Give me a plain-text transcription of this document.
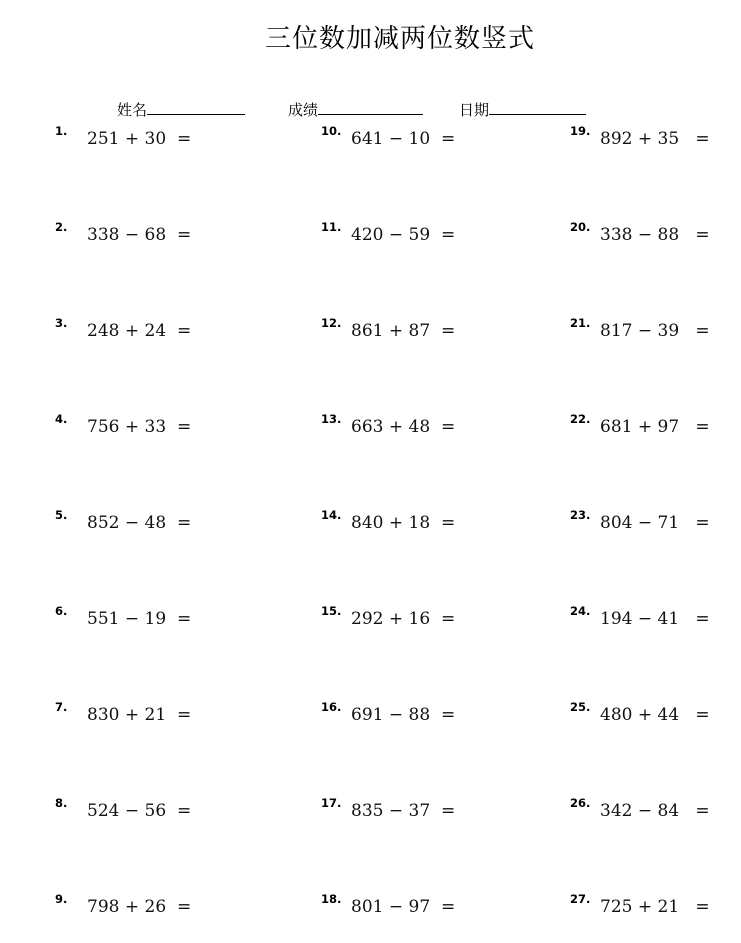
三位数加减两位数竖式
姓名	成绩	日期
1. 251 + 30  =
2. 338 − 68  =
3. 248 + 24  =
4. 756 + 33  =
5. 852 − 48  =
6. 551 − 19  =
7. 830 + 21  =
8. 524 − 56  =
9. 798 + 26  =
10. 641 − 10  =
11. 420 − 59  =
12. 861 + 87  =
13. 663 + 48  =
14. 840 + 18  =
15. 292 + 16  =
16. 691 − 88  =
17. 835 − 37  =
18. 801 − 97  =
19. 892 + 35   =
20. 338 − 88   =
21. 817 − 39   =
22. 681 + 97   =
23. 804 − 71   =
24. 194 − 41   =
25. 480 + 44   =
26. 342 − 84   =
27. 725 + 21   =
